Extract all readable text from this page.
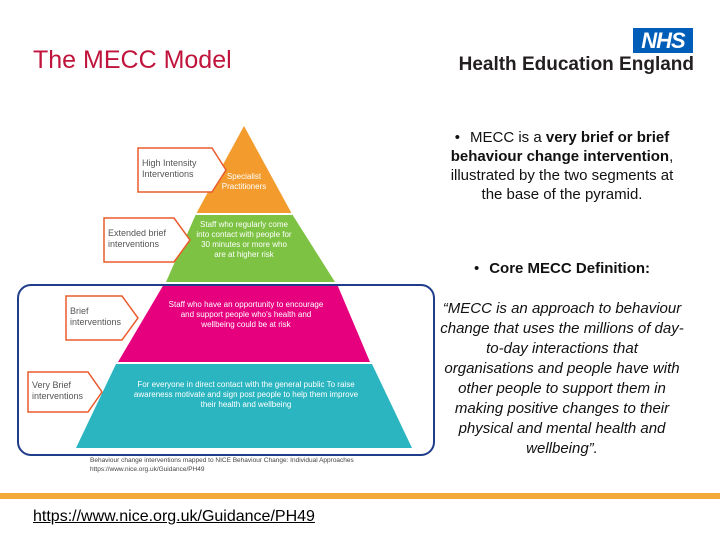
The MECC Model
NHS
Health Education England
High Intensity Interventions
Extended brief interventions
Brief interventions
Very Brief interventions
Specialist Practitioners
Staff who regularly come into contact with people for 30 minutes or more who are at higher risk
Staff who have an opportunity to encourage and support people who's health and wellbeing could be at risk
For everyone in direct contact with the general public To raise awareness motivate and sign post people to help them improve their health and wellbeing
Behaviour change interventions mapped to NICE Behaviour Change: Individual Approaches https://www.nice.org.uk/Guidance/PH49
• MECC is a very brief or brief behaviour change intervention, illustrated by the two segments at the base of the pyramid.
• Core MECC Definition:
“MECC is an approach to behaviour change that uses the millions of day-to-day interactions that organisations and people have with other people to support them in making positive changes to their physical and mental health and wellbeing”.
https://www.nice.org.uk/Guidance/PH49
